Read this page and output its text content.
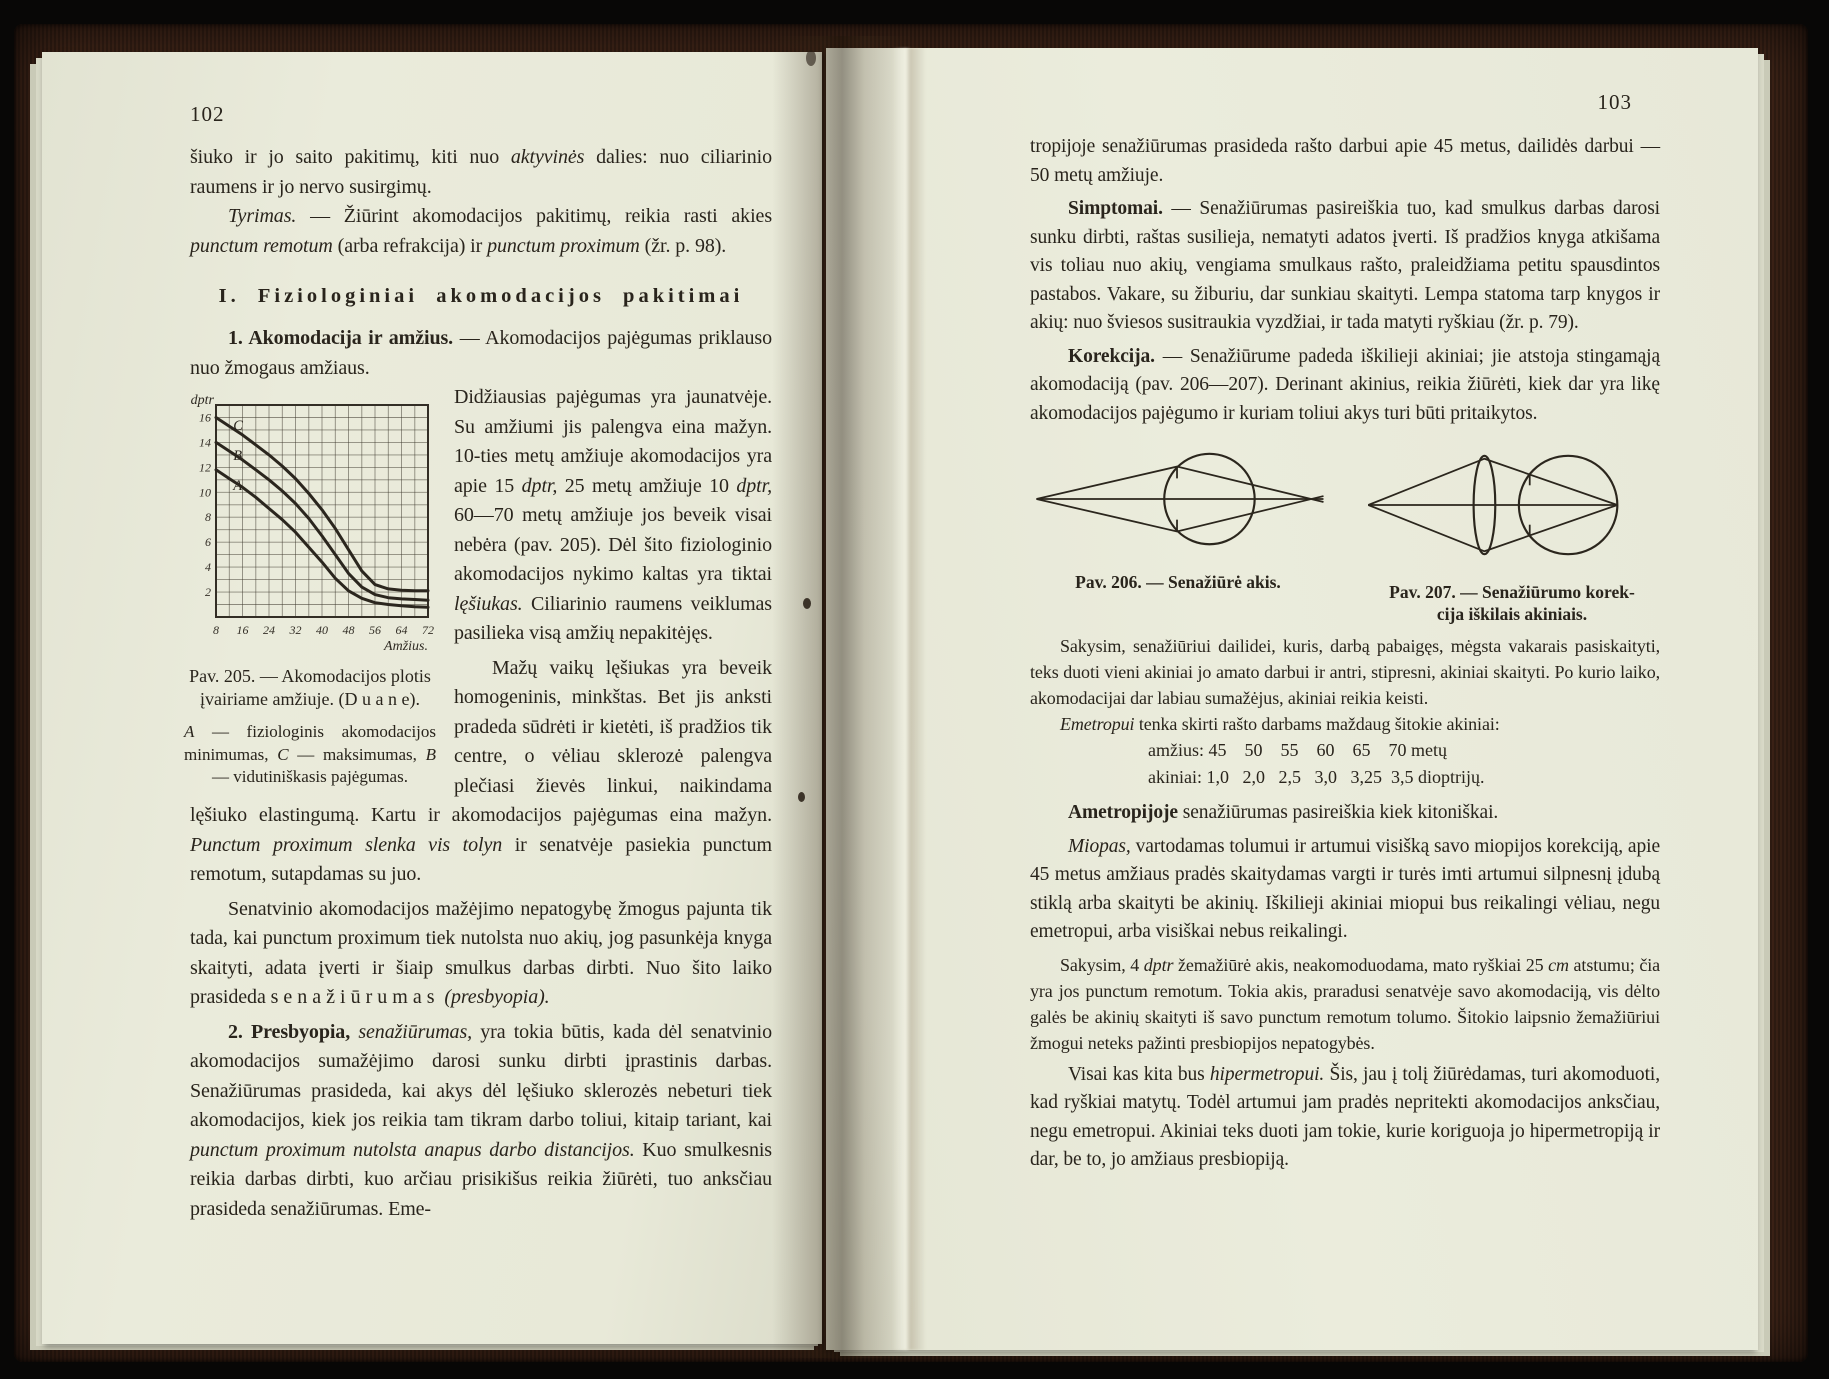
102

šiuko ir jo saito pakitimų, kiti nuo aktyvinės dalies: nuo ciliarinio raumens ir jo nervo susirgimų.

Tyrimas. — Žiūrint akomodacijos pakitimų, reikia rasti akies punctum remotum (arba refrakcija) ir punctum proximum (žr. p. 98).

I. Fiziologiniai akomodacijos pakitimai

1. Akomodacija ir amžius. — Akomodacijos pajėgumas priklauso nuo žmogaus amžiaus.

8 16 24 32 40 48 56 64 72
2
4
6
8
10
12
14
16
dptr
Amžius.
C
B
A
Pav. 205. — Akomodacijos plotis
įvairiame amžiuje. (D u a n e).
A — fiziologinis akomodacijos minimumas, C — maksimumas, B — vidutiniškasis pajėgumas.

Didžiausias pajėgumas yra jaunatvėje. Su amžiumi jis palengva eina mažyn. 10-ties metų amžiuje akomodacijos yra apie 15 dptr, 25 metų amžiuje 10 dptr, 60—70 metų amžiuje jos beveik visai nebėra (pav. 205). Dėl šito fiziologinio akomodacijos nykimo kaltas yra tiktai lęšiukas. Ciliarinio raumens veiklumas pasilieka visą amžių nepakitėjęs.

Mažų vaikų lęšiukas yra beveik homogeninis, minkštas. Bet jis anksti pradeda sūdrėti ir kietėti, iš pradžios tik centre, o vėliau sklerozė palengva plečiasi žievės linkui, naikindama lęšiuko elastingumą. Kartu ir akomodacijos pajėgumas eina mažyn. Punctum proximum slenka vis tolyn ir senatvėje pasiekia punctum remotum, sutapdamas su juo.

Senatvinio akomodacijos mažėjimo nepatogybę žmogus pajunta tik tada, kai punctum proximum tiek nutolsta nuo akių, jog pasunkėja knyga skaityti, adata įverti ir šiaip smulkus darbas dirbti. Nuo šito laiko prasideda senažiūrumas (presbyopia).

2. Presbyopia, senažiūrumas, yra tokia būtis, kada dėl senatvinio akomodacijos sumažėjimo darosi sunku dirbti įprastinis darbas. Senažiūrumas prasideda, kai akys dėl lęšiuko sklerozės nebeturi tiek akomodacijos, kiek jos reikia tam tikram darbo toliui, kitaip tariant, kai punctum proximum nutolsta anapus darbo distancijos. Kuo smulkesnis reikia darbas dirbti, kuo arčiau prisikišus reikia žiūrėti, tuo anksčiau prasideda senažiūrumas. Eme-

103

tropijoje senažiūrumas prasideda rašto darbui apie 45 metus, dailidės darbui — 50 metų amžiuje.

Simptomai. — Senažiūrumas pasireiškia tuo, kad smulkus darbas darosi sunku dirbti, raštas susilieja, nematyti adatos įverti. Iš pradžios knyga atkišama vis toliau nuo akių, vengiama smulkaus rašto, praleidžiama petitu spausdintos pastabos. Vakare, su žiburiu, dar sunkiau skaityti. Lempa statoma tarp knygos ir akių: nuo šviesos susitraukia vyzdžiai, ir tada matyti ryškiau (žr. p. 79).

Korekcija. — Senažiūrume padeda iškilieji akiniai; jie atstoja stingamąją akomodaciją (pav. 206—207). Derinant akinius, reikia žiūrėti, kiek dar yra likę akomodacijos pajėgumo ir kuriam toliui akys turi būti pritaikytos.

Pav. 206. — Senažiūrė akis.	Pav. 207. — Senažiūrumo korek-
cija iškilais akiniais.

Sakysim, senažiūriui dailidei, kuris, darbą pabaigęs, mėgsta vakarais pasiskaityti, teks duoti vieni akiniai jo amato darbui ir antri, stipresni, akiniai skaityti. Po kurio laiko, akomodacijai dar labiau sumažėjus, akiniai reikia keisti.

Emetropui tenka skirti rašto darbams maždaug šitokie akiniai:

amžius: 45    50    55    60    65    70 metų
akiniai: 1,0   2,0   2,5   3,0   3,25  3,5 dioptrijų.

Ametropijoje senažiūrumas pasireiškia kiek kitoniškai.

Miopas, vartodamas tolumui ir artumui visišką savo miopijos korekciją, apie 45 metus amžiaus pradės skaitydamas vargti ir turės imti artumui silpnesnį įdubą stiklą arba skaityti be akinių. Iškilieji akiniai miopui bus reikalingi vėliau, negu emetropui, arba visiškai nebus reikalingi.

Sakysim, 4 dptr žemažiūrė akis, neakomoduodama, mato ryškiai 25 cm atstumu; čia yra jos punctum remotum. Tokia akis, praradusi senatvėje savo akomodaciją, vis dėlto galės be akinių skaityti iš savo punctum remotum tolumo. Šitokio laipsnio žemažiūriui žmogui neteks pažinti presbiopijos nepatogybės.

Visai kas kita bus hipermetropui. Šis, jau į tolį žiūrėdamas, turi akomoduoti, kad ryškiai matytų. Todėl artumui jam pradės nepritekti akomodacijos anksčiau, negu emetropui. Akiniai teks duoti jam tokie, kurie koriguoja jo hipermetropiją ir dar, be to, jo amžiaus presbiopiją.
